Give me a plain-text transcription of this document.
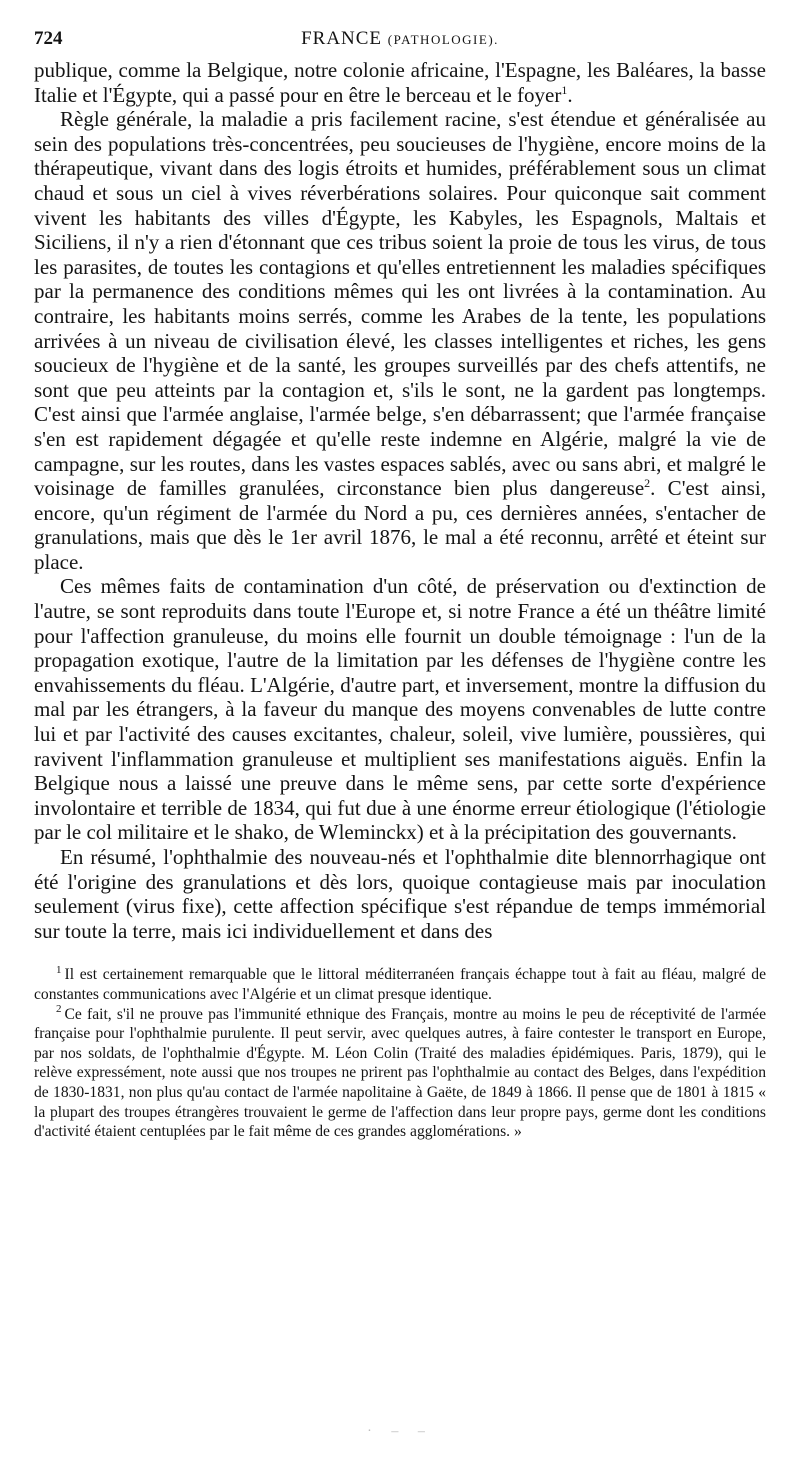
724	FRANCE (PATHOLOGIE).

publique, comme la Belgique, notre colonie africaine, l'Espagne, les Baléares, la basse Italie et l'Égypte, qui a passé pour en être le berceau et le foyer$^1$.

Règle générale, la maladie a pris facilement racine, s'est étendue et généralisée au sein des populations très-concentrées, peu soucieuses de l'hygiène, encore moins de la thérapeutique, vivant dans des logis étroits et humides, préférablement sous un climat chaud et sous un ciel à vives réverbérations solaires. Pour quiconque sait comment vivent les habitants des villes d'Égypte, les Kabyles, les Espagnols, Maltais et Siciliens, il n'y a rien d'étonnant que ces tribus soient la proie de tous les virus, de tous les parasites, de toutes les contagions et qu'elles entretiennent les maladies spécifiques par la permanence des conditions mêmes qui les ont livrées à la contamination. Au contraire, les habitants moins serrés, comme les Arabes de la tente, les populations arrivées à un niveau de civilisation élevé, les classes intelligentes et riches, les gens soucieux de l'hygiène et de la santé, les groupes surveillés par des chefs attentifs, ne sont que peu atteints par la contagion et, s'ils le sont, ne la gardent pas longtemps. C'est ainsi que l'armée anglaise, l'armée belge, s'en débarrassent; que l'armée française s'en est rapidement dégagée et qu'elle reste indemne en Algérie, malgré la vie de campagne, sur les routes, dans les vastes espaces sablés, avec ou sans abri, et malgré le voisinage de familles granulées, circonstance bien plus dangereuse$^2$. C'est ainsi, encore, qu'un régiment de l'armée du Nord a pu, ces dernières années, s'entacher de granulations, mais que dès le 1er avril 1876, le mal a été reconnu, arrêté et éteint sur place.

Ces mêmes faits de contamination d'un côté, de préservation ou d'extinction de l'autre, se sont reproduits dans toute l'Europe et, si notre France a été un théâtre limité pour l'affection granuleuse, du moins elle fournit un double témoignage : l'un de la propagation exotique, l'autre de la limitation par les défenses de l'hygiène contre les envahissements du fléau. L'Algérie, d'autre part, et inversement, montre la diffusion du mal par les étrangers, à la faveur du manque des moyens convenables de lutte contre lui et par l'activité des causes excitantes, chaleur, soleil, vive lumière, poussières, qui ravivent l'inflammation granuleuse et multiplient ses manifestations aiguës. Enfin la Belgique nous a laissé une preuve dans le même sens, par cette sorte d'expérience involontaire et terrible de 1834, qui fut due à une énorme erreur étiologique (l'étiologie par le col militaire et le shako, de Wleminckx) et à la précipitation des gouvernants.

En résumé, l'ophthalmie des nouveau-nés et l'ophthalmie dite blennorrhagique ont été l'origine des granulations et dès lors, quoique contagieuse mais par inoculation seulement (virus fixe), cette affection spécifique s'est répandue de temps immémorial sur toute la terre, mais ici individuellement et dans des

$^1$ Il est certainement remarquable que le littoral méditerranéen français échappe tout à fait au fléau, malgré de constantes communications avec l'Algérie et un climat presque identique.

$^2$ Ce fait, s'il ne prouve pas l'immunité ethnique des Français, montre au moins le peu de réceptivité de l'armée française pour l'ophthalmie purulente. Il peut servir, avec quelques autres, à faire contester le transport en Europe, par nos soldats, de l'ophthalmie d'Égypte. M. Léon Colin (Traité des maladies épidémiques. Paris, 1879), qui le relève expressément, note aussi que nos troupes ne prirent pas l'ophthalmie au contact des Belges, dans l'expédition de 1830-1831, non plus qu'au contact de l'armée napolitaine à Gaëte, de 1849 à 1866. Il pense que de 1801 à 1815 « la plupart des troupes étrangères trouvaient le germe de l'affection dans leur propre pays, germe dont les conditions d'activité étaient centuplées par le fait même de ces grandes agglomérations. »

· – –
